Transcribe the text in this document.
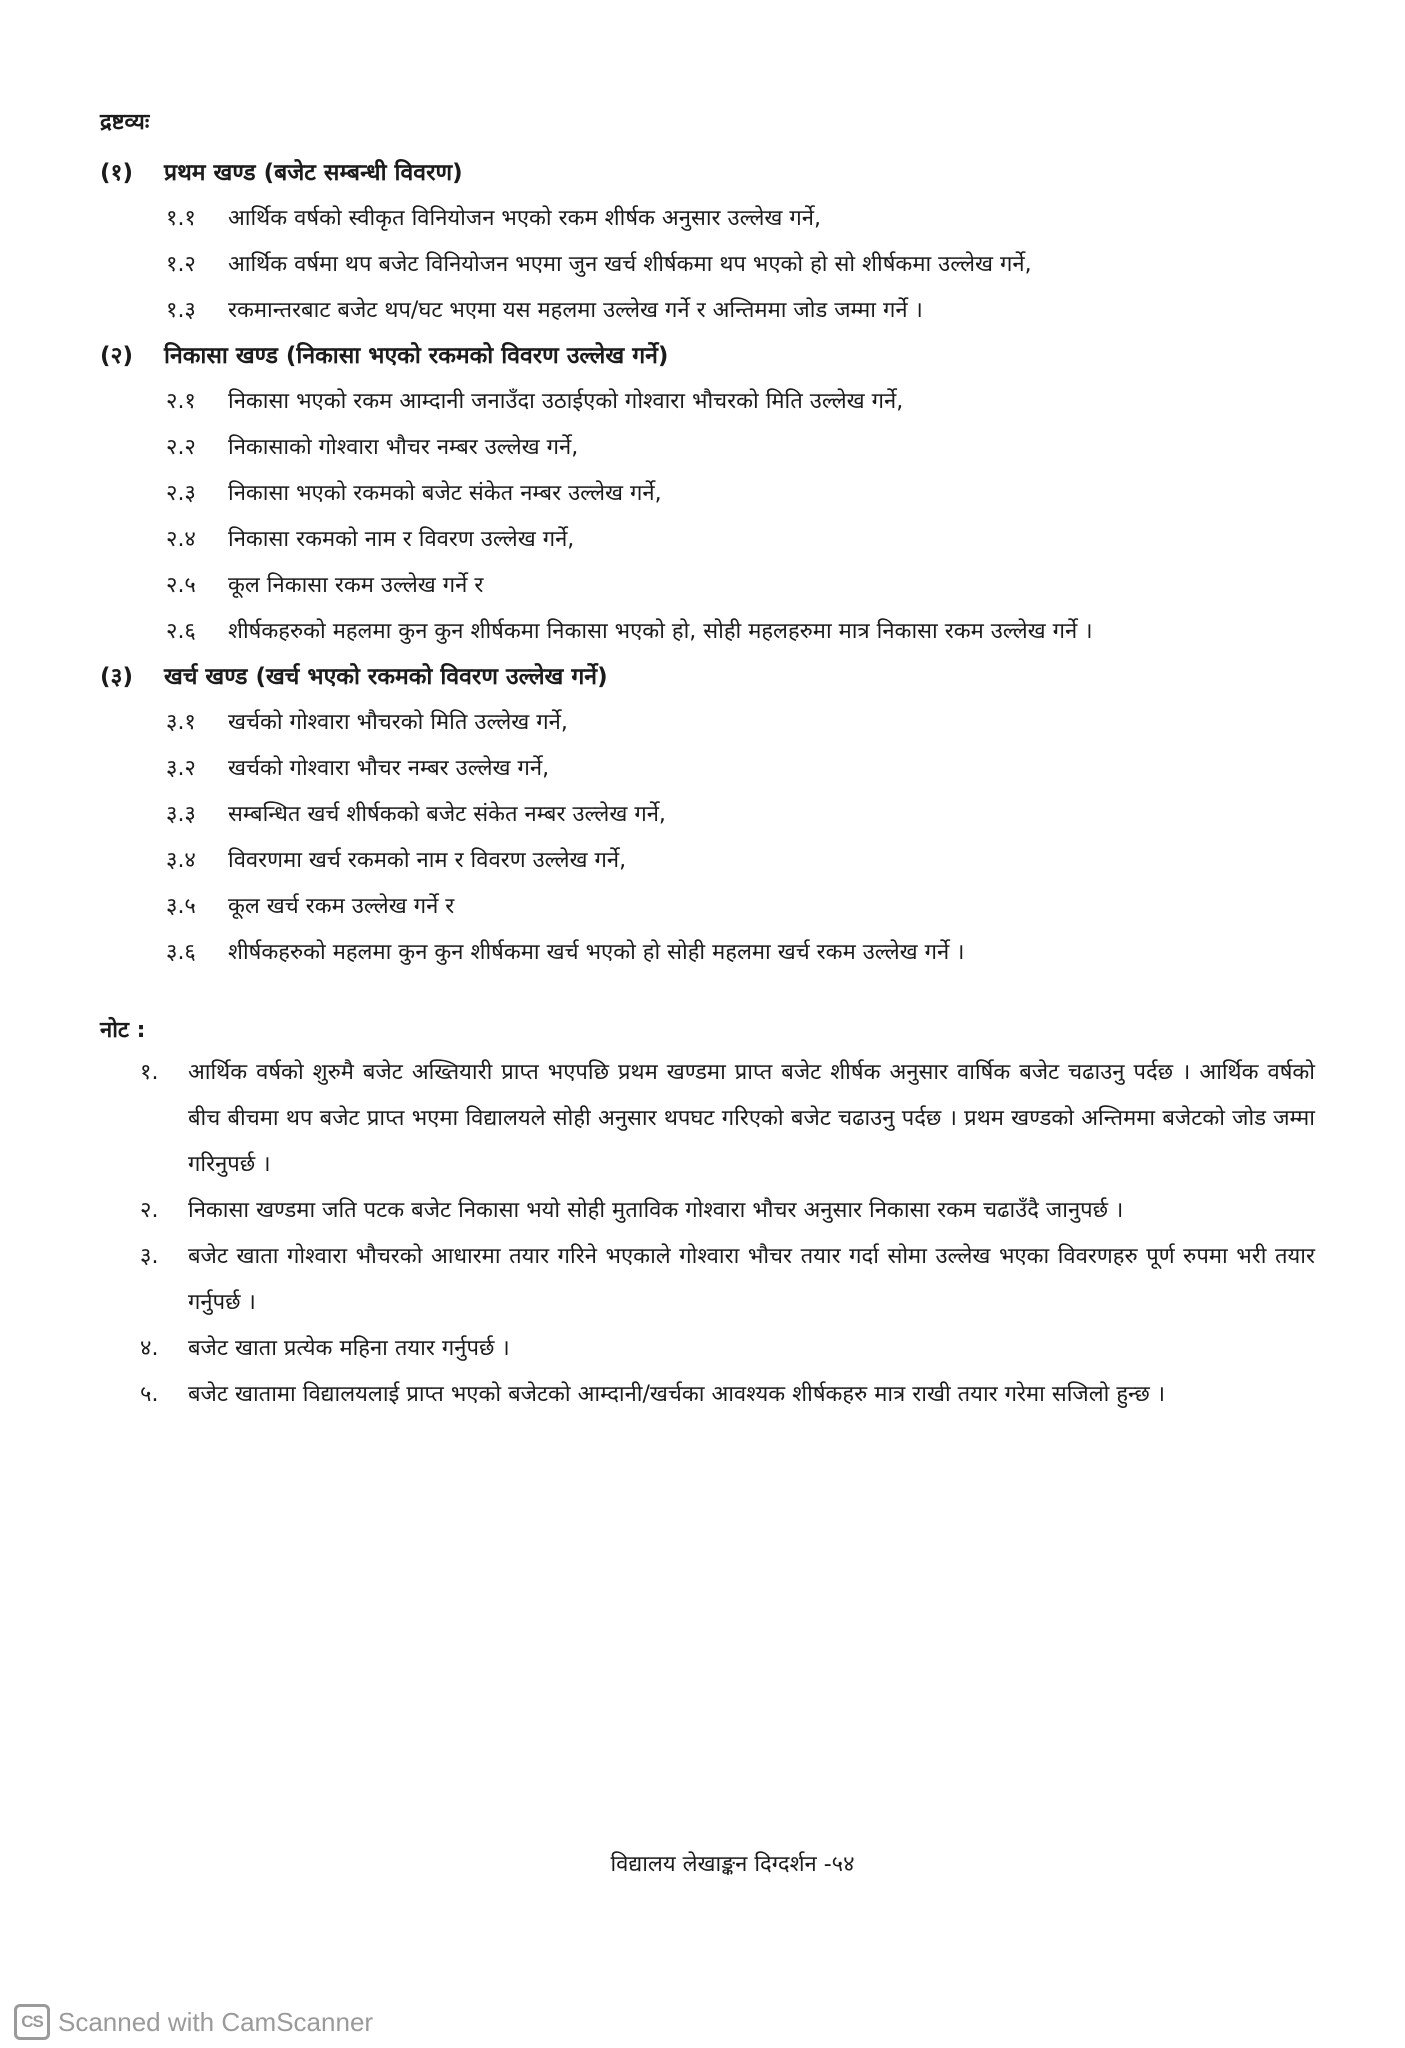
द्रष्टव्यः
(१)	प्रथम खण्ड (बजेट सम्बन्धी विवरण)
१.१	आर्थिक वर्षको स्वीकृत विनियोजन भएको रकम शीर्षक अनुसार उल्लेख गर्ने,
१.२	आर्थिक वर्षमा थप बजेट विनियोजन भएमा जुन खर्च शीर्षकमा थप भएको हो सो शीर्षकमा उल्लेख गर्ने,
१.३	रकमान्तरबाट बजेट थप/घट भएमा यस महलमा उल्लेख गर्ने र अन्तिममा जोड जम्मा गर्ने ।
(२)	निकासा खण्ड (निकासा भएको रकमको विवरण उल्लेख गर्ने)
२.१	निकासा भएको रकम आम्दानी जनाउँदा उठाईएको गोश्वारा भौचरको मिति उल्लेख गर्ने,
२.२	निकासाको गोश्वारा भौचर नम्बर उल्लेख गर्ने,
२.३	निकासा भएको रकमको बजेट संकेत नम्बर उल्लेख गर्ने,
२.४	निकासा रकमको नाम र विवरण उल्लेख गर्ने,
२.५	कूल निकासा रकम उल्लेख गर्ने र
२.६	शीर्षकहरुको महलमा कुन कुन शीर्षकमा निकासा भएको हो, सोही महलहरुमा मात्र निकासा रकम उल्लेख गर्ने ।
(३)	खर्च खण्ड (खर्च भएको रकमको विवरण उल्लेख गर्ने)
३.१	खर्चको गोश्वारा भौचरको मिति उल्लेख गर्ने,
३.२	खर्चको गोश्वारा भौचर नम्बर उल्लेख गर्ने,
३.३	सम्बन्धित खर्च शीर्षकको बजेट संकेत नम्बर उल्लेख गर्ने,
३.४	विवरणमा खर्च रकमको नाम र विवरण उल्लेख गर्ने,
३.५	कूल खर्च रकम उल्लेख गर्ने र
३.६	शीर्षकहरुको महलमा कुन कुन शीर्षकमा खर्च भएको हो सोही महलमा खर्च रकम उल्लेख गर्ने ।
नोट :
१.	आर्थिक वर्षको शुरुमै बजेट अख्तियारी प्राप्त भएपछि प्रथम खण्डमा प्राप्त बजेट शीर्षक अनुसार वार्षिक बजेट चढाउनु पर्दछ । आर्थिक वर्षको बीच बीचमा थप बजेट प्राप्त भएमा विद्यालयले सोही अनुसार थपघट गरिएको बजेट चढाउनु पर्दछ । प्रथम खण्डको अन्तिममा बजेटको जोड जम्मा गरिनुपर्छ ।
२.	निकासा खण्डमा जति पटक बजेट निकासा भयो सोही मुताविक गोश्वारा भौचर अनुसार निकासा रकम चढाउँदै जानुपर्छ ।
३.	बजेट खाता गोश्वारा भौचरको आधारमा तयार गरिने भएकाले गोश्वारा भौचर तयार गर्दा सोमा उल्लेख भएका विवरणहरु पूर्ण रुपमा भरी तयार गर्नुपर्छ ।
४.	बजेट खाता प्रत्येक महिना तयार गर्नुपर्छ ।
५.	बजेट खातामा विद्यालयलाई प्राप्त भएको बजेटको आम्दानी/खर्चका आवश्यक शीर्षकहरु मात्र राखी तयार गरेमा सजिलो हुन्छ ।
विद्यालय लेखाङ्कन दिग्दर्शन -५४
CS Scanned with CamScanner
